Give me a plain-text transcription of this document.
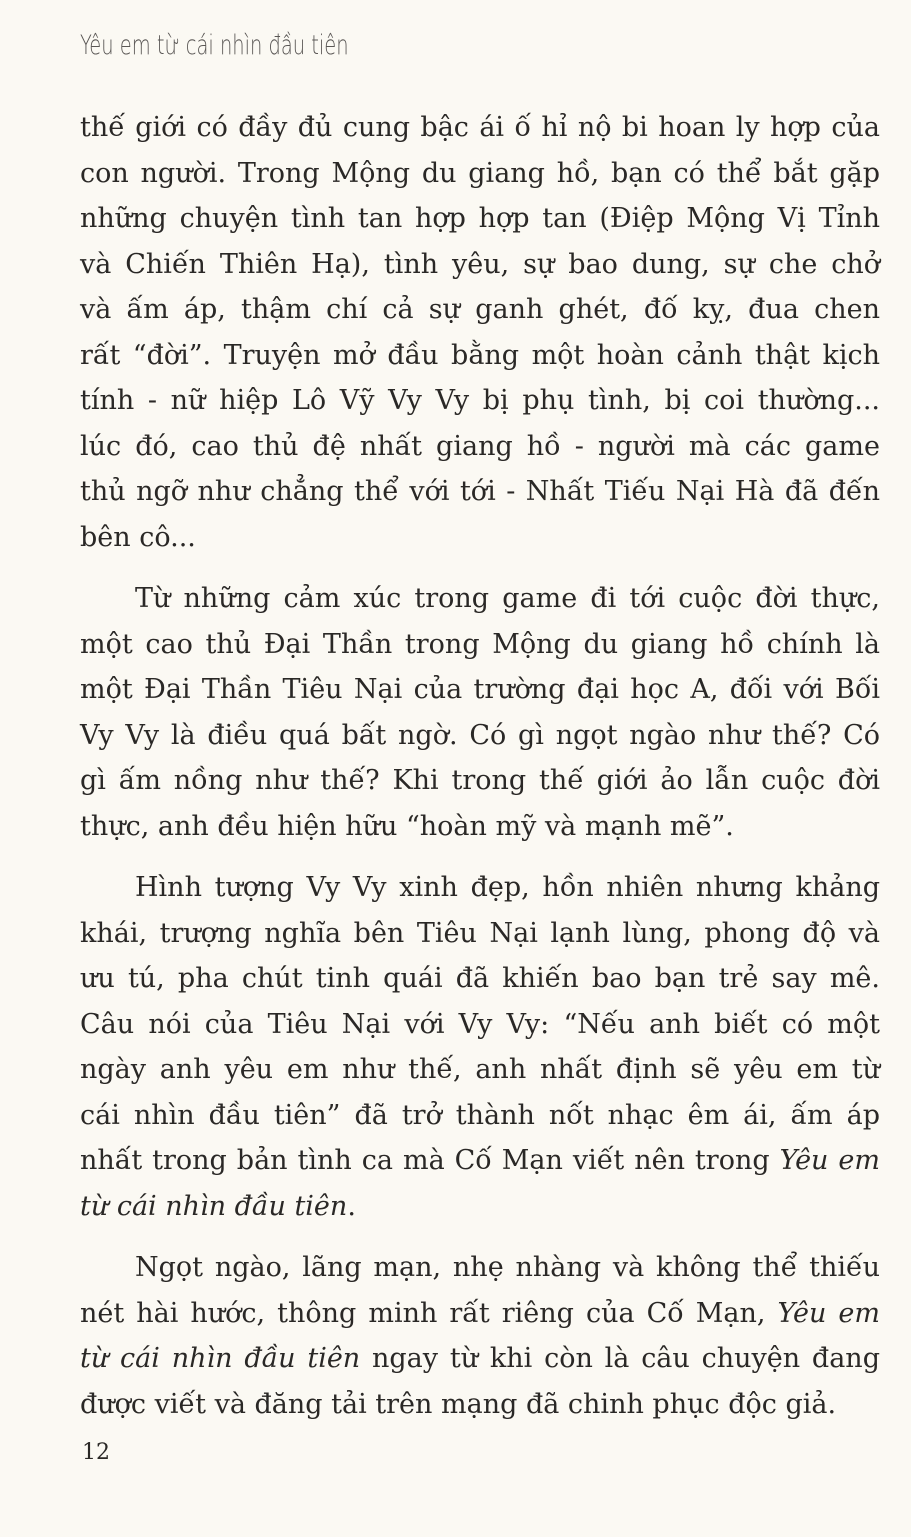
Yêu em từ cái nhìn đầu tiên

thế giới có đầy đủ cung bậc ái ố hỉ nộ bi hoan ly hợp của
con người. Trong Mộng du giang hồ, bạn có thể bắt gặp
những chuyện tình tan hợp hợp tan (Điệp Mộng Vị Tỉnh
và Chiến Thiên Hạ), tình yêu, sự bao dung, sự che chở
và ấm áp, thậm chí cả sự ganh ghét, đố kỵ, đua chen
rất “đời”. Truyện mở đầu bằng một hoàn cảnh thật kịch
tính - nữ hiệp Lô Vỹ Vy Vy bị phụ tình, bị coi thường...
lúc đó, cao thủ đệ nhất giang hồ - người mà các game
thủ ngỡ như chẳng thể với tới - Nhất Tiếu Nại Hà đã đến
bên cô...

Từ những cảm xúc trong game đi tới cuộc đời thực,
một cao thủ Đại Thần trong Mộng du giang hồ chính là
một Đại Thần Tiêu Nại của trường đại học A, đối với Bối
Vy Vy là điều quá bất ngờ. Có gì ngọt ngào như thế? Có
gì ấm nồng như thế? Khi trong thế giới ảo lẫn cuộc đời
thực, anh đều hiện hữu “hoàn mỹ và mạnh mẽ”.

Hình tượng Vy Vy xinh đẹp, hồn nhiên nhưng khảng
khái, trượng nghĩa bên Tiêu Nại lạnh lùng, phong độ và
ưu tú, pha chút tinh quái đã khiến bao bạn trẻ say mê.
Câu nói của Tiêu Nại với Vy Vy: “Nếu anh biết có một
ngày anh yêu em như thế, anh nhất định sẽ yêu em từ
cái nhìn đầu tiên” đã trở thành nốt nhạc êm ái, ấm áp
nhất trong bản tình ca mà Cố Mạn viết nên trong Yêu em
từ cái nhìn đầu tiên.

Ngọt ngào, lãng mạn, nhẹ nhàng và không thể thiếu
nét hài hước, thông minh rất riêng của Cố Mạn, Yêu em
từ cái nhìn đầu tiên ngay từ khi còn là câu chuyện đang
được viết và đăng tải trên mạng đã chinh phục độc giả.

12
